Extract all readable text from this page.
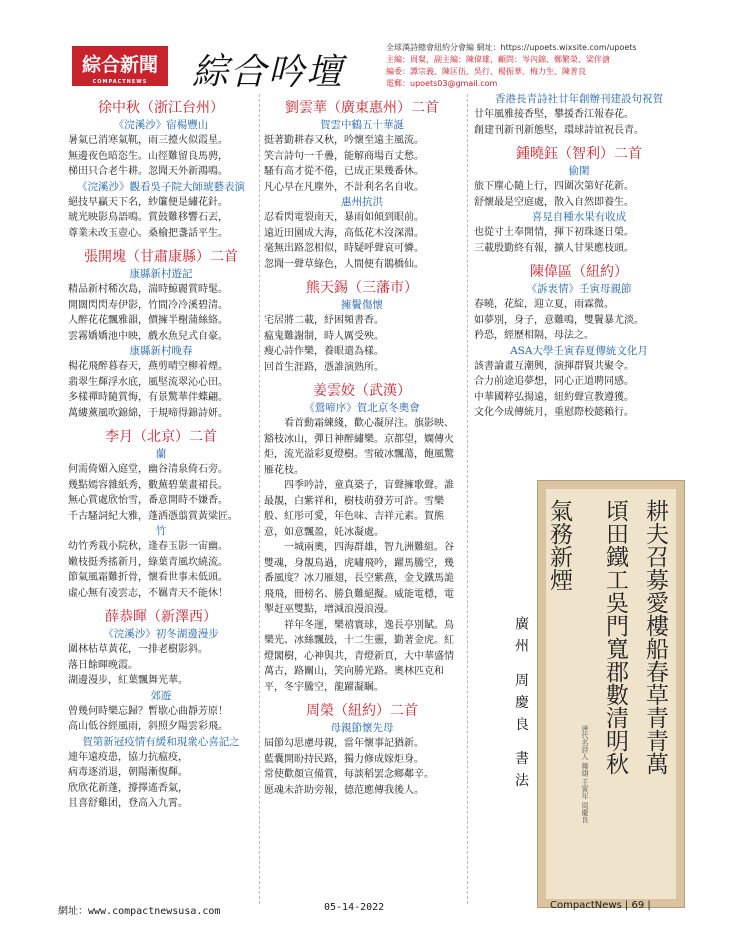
綜合新聞
COMPACTNEWS	綜合吟壇
全球漢詩總會紐約分會編 網址：https://upoets.wixsite.com/upoets
主編：周粲，副主編：陳偉雄，顧問：岑內錦、鄭繁榮、梁伴溏
編委：譚宗義、陳匡伍、吳行、楊振華、梅力生、陳普良
電郵：upoets03@gmail.com
徐中秋（浙江台州）
《浣溪沙》宿楊豐山

暑氣已消寒氣靰，雨三擡火似霞星。

無邊夜色暗恣生。山徑難留良馬骋，

梯田只合老牛耕。忽聞天外新鴻鳴。

《浣溪沙》觀看吳子院大師琥藝表演

絕技早贏天下名，紗簾便是繡花針。

琥光映影鳥語鳴。賞鼓難移響石丟，

尊業未改玉壺心。桑榆把盞話平生。

張開塊（甘肅康縣）二首
康縣新村遊記

精品新村稀次島，湍時鯨麗賞時髦。

開闊閃閃寿伊影，竹間冷冷溪碧清。

人醉花花飄雅韻，價擁半榭蒲絲絡。

雲霧嬌嬌池中映，戲水魚兒式自豪。

康縣新村晚春

楊花飛醉暮春天，燕剪晴空柳着煙。

翡翠生輝浮水底，風堅流翠沁心田。

多樣禪時隨賞悔，有景驚華伴蝶翩。

萬縷薰風吹錦綿，于規啼得錦詩妍。

李月（北京）二首
蘭

何需倚媚入庭堂，幽谷清泉倚石旁。

幾點嫣容雜紙秀，數蕪碧葉畫裙長。

無心賞處欣怡雪，番意開時不嫌香。

千古騷詞紀大雅，蓬洒憑翦賞黃粱匠。

竹

幼竹秀栽小院秋，逢春玉影一宙幽。

嫩枝挺秀搖新月，綠葉青風坎繞流。

節氣風霜難折骨，懷看世事未低頭。

虛心無有凌雲志，不羈青天不能休！

薛恭暉（新澤西）
《浣溪沙》初冬湖邊漫步

圍林枯草黃花，一排老樹影斜。

落日餘暉晚霞。

湖邊漫步，紅葉飄舞光華。

郊遊

曾幾何時樂忘歸？暫歇心曲靜芳原！

高山低谷經風雨，斜照夕陽雲彩飛。

賀第新冠疫情有緩和現衆心喜記之

連年遠疫患，協力抗瘟疫，

病毒逐消退，朝陽漸復輝。

欣欣花新蓬，撐擇遙香氣，

且喜舒雞团，登高入九霄。

劉雲華（廣東惠州）二首
賀雲中鶴五十華誕

挺著勤耕春又秋，吟懷至遠主風流。

笑言詩句一千疊，能解商場百丈愁。

騷有高才從不倦，已成正果幾番休。

凡心早在凡塵外，不計利名名自收。

惠州抗洪

忍看閃電裂南天，暴雨如傾到眼前。

遠近田園成大海，高低花木沒深淵。

毫無出路忽相似，時疑呼聲哀可憐。

忽聞一聲草綠色，人間便有鵲橋仙。

熊天錫（三藩市）
擁鬢傷懷

宅居將二載，紓困頻書香。

瘟鬼難謝制，時人厲受殃。

瘦心詩作樂，養眼遣為樣。

回首生涯路，憑誰演熟所。

姜雲姣（武漢）
《鶯啼序》賀北京冬奧會

看首動霜練綫，歡心凝屏注。旗影映、豁枝冰山，彈日神醉繡樂。京都望，嫻傳火炬，流光溢彩夏燈樹。雪破冰飄蕩，飽風驚雁花枝。

四季吟詩，童真築子，盲聲擁歌聲。誰最靚，白紫祥和，樹枝萌發芳可許。雪樂般、紅彤可愛，年色味、吉祥元素。賀熊意，如意飄盈，奼冰凝處。

一城兩奧，四海群雄，智九洲難組。谷雙魂，身靚鳥過，虎嘯飛吟，躍馬騰空，幾番風度？冰刀雁翅，長空紫燕，金戈鐵馬詭飛飛，冊榜名、勝負難絕擬。威能電穩，電掣赶巫雙點，增減浪漫浪漫。

祥年冬運，樂禧寰球，逸長亭別賦。鳥樂光、冰絲飄鼓，十二生靈，勤著金虎。紅燈閣樹，心神與共，青燈新頁，大中華盛情萬古，路關山，笑向勝光路。奧林匹克和平，冬宇騰空，龍躍凝瞩。

周榮（紐約）二首
母親節懷先母

屆節勾思慮母親，當年懷事記猶新。

藍囊開盼持民路，獨力修成嫁炬身。

常使歡顏宣備賞，每談稻罢念鄉鄰辛。

愿魂未許助旁報，德范應傳我後人。

香港長青詩社廿年創辦刊建設句祝賀

廿年風雅接香堅，攀援香江報春花。

創建刊新刊新態堅，環球詩谊祝長青。

鍾曉鈺（智利）二首
偷閑

旅下塵心隨上行，四圍次第好花新。

舒懷最是空庭處，散入自然即養生。

喜見自種水果有收成

也從寸土奉開情，揮下初珠逐日榮。

三載殷勤終有報，擴人甘果應枝頭。

陳偉區（紐約）
《訴衷情》壬寅母親節

春曉，花綻，迎立夏，雨霖微。

如夢別，身子，意難鳴，雙鬢暴尤淡。

矜恐，經歷相隔，母法之。

ASA大學壬寅春夏傳統文化月

該書論畫互潮興，演揮群賢共聚令。

合力前途追夢想，同心正道聘同感。

中華國粹弘揚遠，紐約聲宣教遵獲。

文化今成傳統月，重慰際校懿賴行。

耕夫召募愛樓船春草青青萬
頃田鐵工吳門寬郡數清明秋
唐代名詩人 韓翃 壬寅年 周慶良
氣務新煙
廣州 周慶良 書法
網址：www.compactnewsusa.com	05-14-2022	CompactNews | 69 |
